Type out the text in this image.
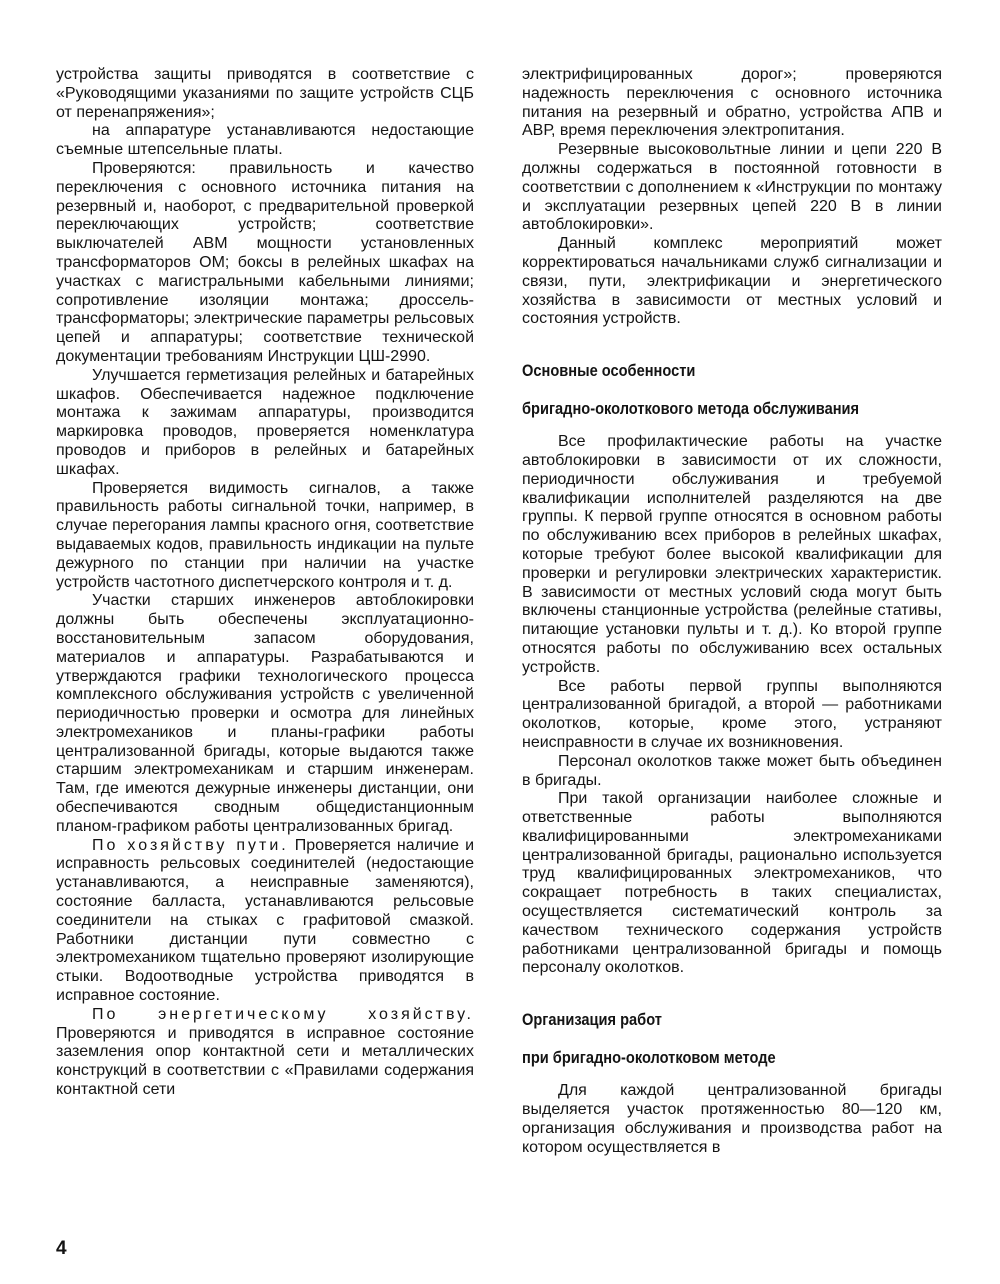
устройства защиты приводятся в соответствие с «Руководящими указаниями по защите устройств СЦБ от перенапряжения»;

на аппаратуре устанавливаются недостающие съемные штепсельные платы.

Проверяются: правильность и качество переключения с основного источника питания на резервный и, наоборот, с предварительной проверкой переключающих устройств; соответствие выключателей АВМ мощности установленных трансформаторов ОМ; боксы в релейных шкафах на участках с магистральными кабельными линиями; сопротивление изоляции монтажа; дроссель-трансформаторы; электрические параметры рельсовых цепей и аппаратуры; соответствие технической документации требованиям Инструкции ЦШ-2990.

Улучшается герметизация релейных и батарейных шкафов. Обеспечивается надежное подключение монтажа к зажимам аппаратуры, производится маркировка проводов, проверяется номенклатура проводов и приборов в релейных и батарейных шкафах.

Проверяется видимость сигналов, а также правильность работы сигнальной точки, например, в случае перегорания лампы красного огня, соответствие выдаваемых кодов, правильность индикации на пульте дежурного по станции при наличии на участке устройств частотного диспетчерского контроля и т. д.

Участки старших инженеров автоблокировки должны быть обеспечены эксплуатационно-восстановительным запасом оборудования, материалов и аппаратуры. Разрабатываются и утверждаются графики технологического процесса комплексного обслуживания устройств с увеличенной периодичностью проверки и осмотра для линейных электромехаников и планы-графики работы централизованной бригады, которые выдаются также старшим электромеханикам и старшим инженерам. Там, где имеются дежурные инженеры дистанции, они обеспечиваются сводным общедистанционным планом-графиком работы централизованных бригад.

По хозяйству пути. Проверяется наличие и исправность рельсовых соединителей (недостающие устанавливаются, а неисправные заменяются), состояние балласта, устанавливаются рельсовые соединители на стыках с графитовой смазкой. Работники дистанции пути совместно с электромехаником тщательно проверяют изолирующие стыки. Водоотводные устройства приводятся в исправное состояние.

По энергетическому хозяйству. Проверяются и приводятся в исправное состояние заземления опор контактной сети и металлических конструкций в соответствии с «Правилами содержания контактной сети

электрифицированных дорог»; проверяются надежность переключения с основного источника питания на резервный и обратно, устройства АПВ и АВР, время переключения электропитания.

Резервные высоковольтные линии и цепи 220 В должны содержаться в постоянной готовности в соответствии с дополнением к «Инструкции по монтажу и эксплуатации резервных цепей 220 В в линии автоблокировки».

Данный комплекс мероприятий может корректироваться начальниками служб сигнализации и связи, пути, электрификации и энергетического хозяйства в зависимости от местных условий и состояния устройств.

Основные особенности
бригадно-околоткового метода обслуживания

Все профилактические работы на участке автоблокировки в зависимости от их сложности, периодичности обслуживания и требуемой квалификации исполнителей разделяются на две группы. К первой группе относятся в основном работы по обслуживанию всех приборов в релейных шкафах, которые требуют более высокой квалификации для проверки и регулировки электрических характеристик. В зависимости от местных условий сюда могут быть включены станционные устройства (релейные стативы, питающие установки пульты и т. д.). Ко второй группе относятся работы по обслуживанию всех остальных устройств.

Все работы первой группы выполняются централизованной бригадой, а второй — работниками околотков, которые, кроме этого, устраняют неисправности в случае их возникновения.

Персонал околотков также может быть объединен в бригады.

При такой организации наиболее сложные и ответственные работы выполняются квалифицированными электромеханиками централизованной бригады, рационально используется труд квалифицированных электромехаников, что сокращает потребность в таких специалистах, осуществляется систематический контроль за качеством технического содержания устройств работниками централизованной бригады и помощь персоналу околотков.

Организация работ
при бригадно-околотковом методе

Для каждой централизованной бригады выделяется участок протяженностью 80—120 км, организация обслуживания и производства работ на котором осуществляется в

4
